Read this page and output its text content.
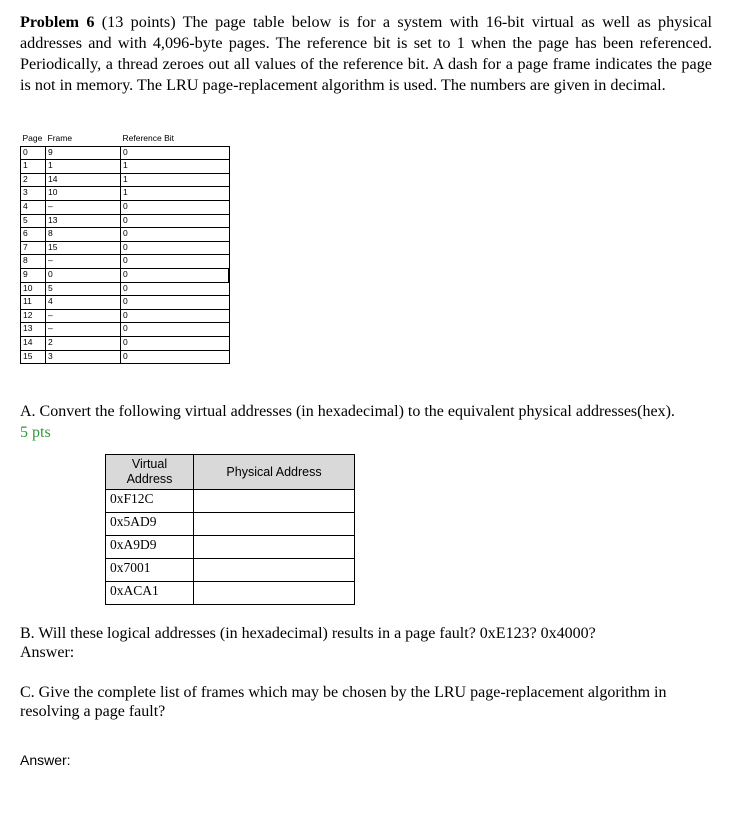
Problem 6 (13 points) The page table below is for a system with 16-bit virtual as well as physical addresses and with 4,096-byte pages. The reference bit is set to 1 when the page has been referenced. Periodically, a thread zeroes out all values of the reference bit. A dash for a page frame indicates the page is not in memory. The LRU page-replacement algorithm is used. The numbers are given in decimal.
Page	Frame	Reference Bit
0	9	0
1	1	1
2	14	1
3	10	1
4	–	0
5	13	0
6	8	0
7	15	0
8	–	0
9	0	0
10	5	0
11	4	0
12	–	0
13	–	0
14	2	0
15	3	0
A. Convert the following virtual addresses (in hexadecimal) to the equivalent physical addresses(hex). 5 pts
Virtual Address	Physical Address
0xF12C	
0x5AD9	
0xA9D9	
0x7001	
0xACA1	
B. Will these logical addresses (in hexadecimal) results in a page fault? 0xE123? 0x4000?
Answer:
C. Give the complete list of frames which may be chosen by the LRU page-replacement algorithm in resolving a page fault?
Answer:
